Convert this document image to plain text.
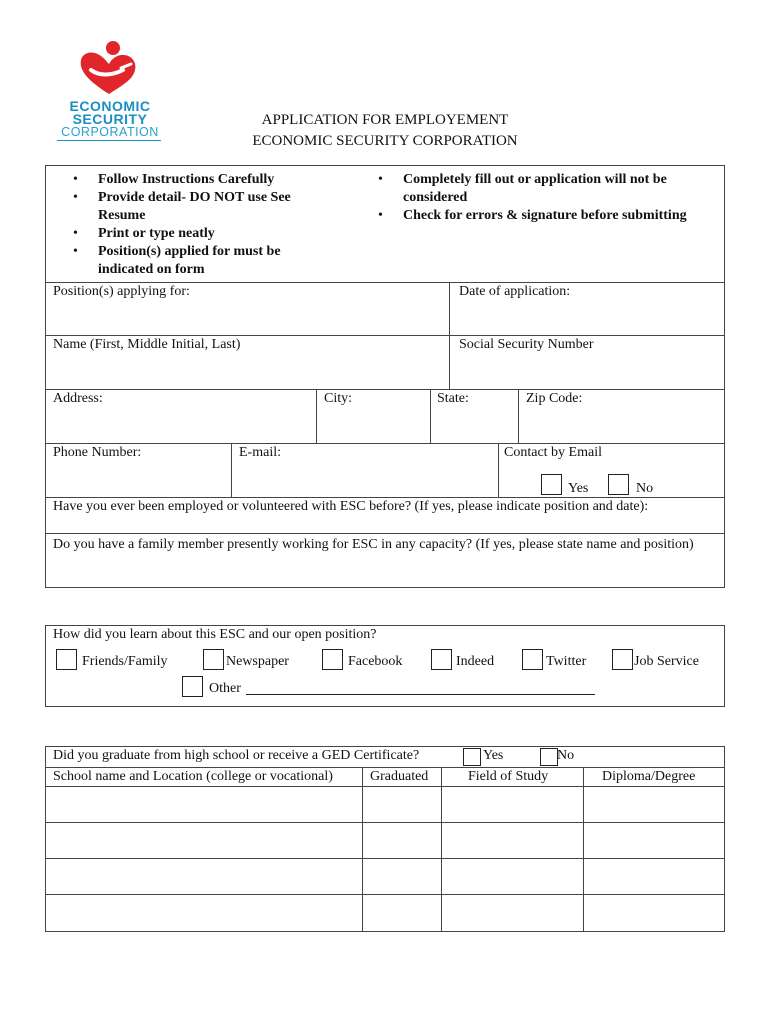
ECONOMIC
SECURITY
CORPORATION
APPLICATION FOR EMPLOYEMENT
ECONOMIC SECURITY CORPORATION
• Follow Instructions Carefully
• Provide detail- DO NOT use See Resume
• Print or type neatly
• Position(s) applied for must be indicated on form
• Completely fill out or application will not be considered
• Check for errors & signature before submitting
Position(s) applying for:	Date of application:
Name (First, Middle Initial, Last)	Social Security Number
Address:	City:	State:	Zip Code:
Phone Number:	E-mail:	Contact by Email
Yes	No
Have you ever been employed or volunteered with ESC before? (If yes, please indicate position and date):
Do you have a family member presently working for ESC in any capacity? (If yes, please state name and position)
How did you learn about this ESC and our open position?
Friends/Family	Newspaper	Facebook	Indeed	Twitter	Job Service
Other
Did you graduate from high school or receive a GED Certificate?	Yes	No
School name and Location (college or vocational)	Graduated	Field of Study	Diploma/Degree
